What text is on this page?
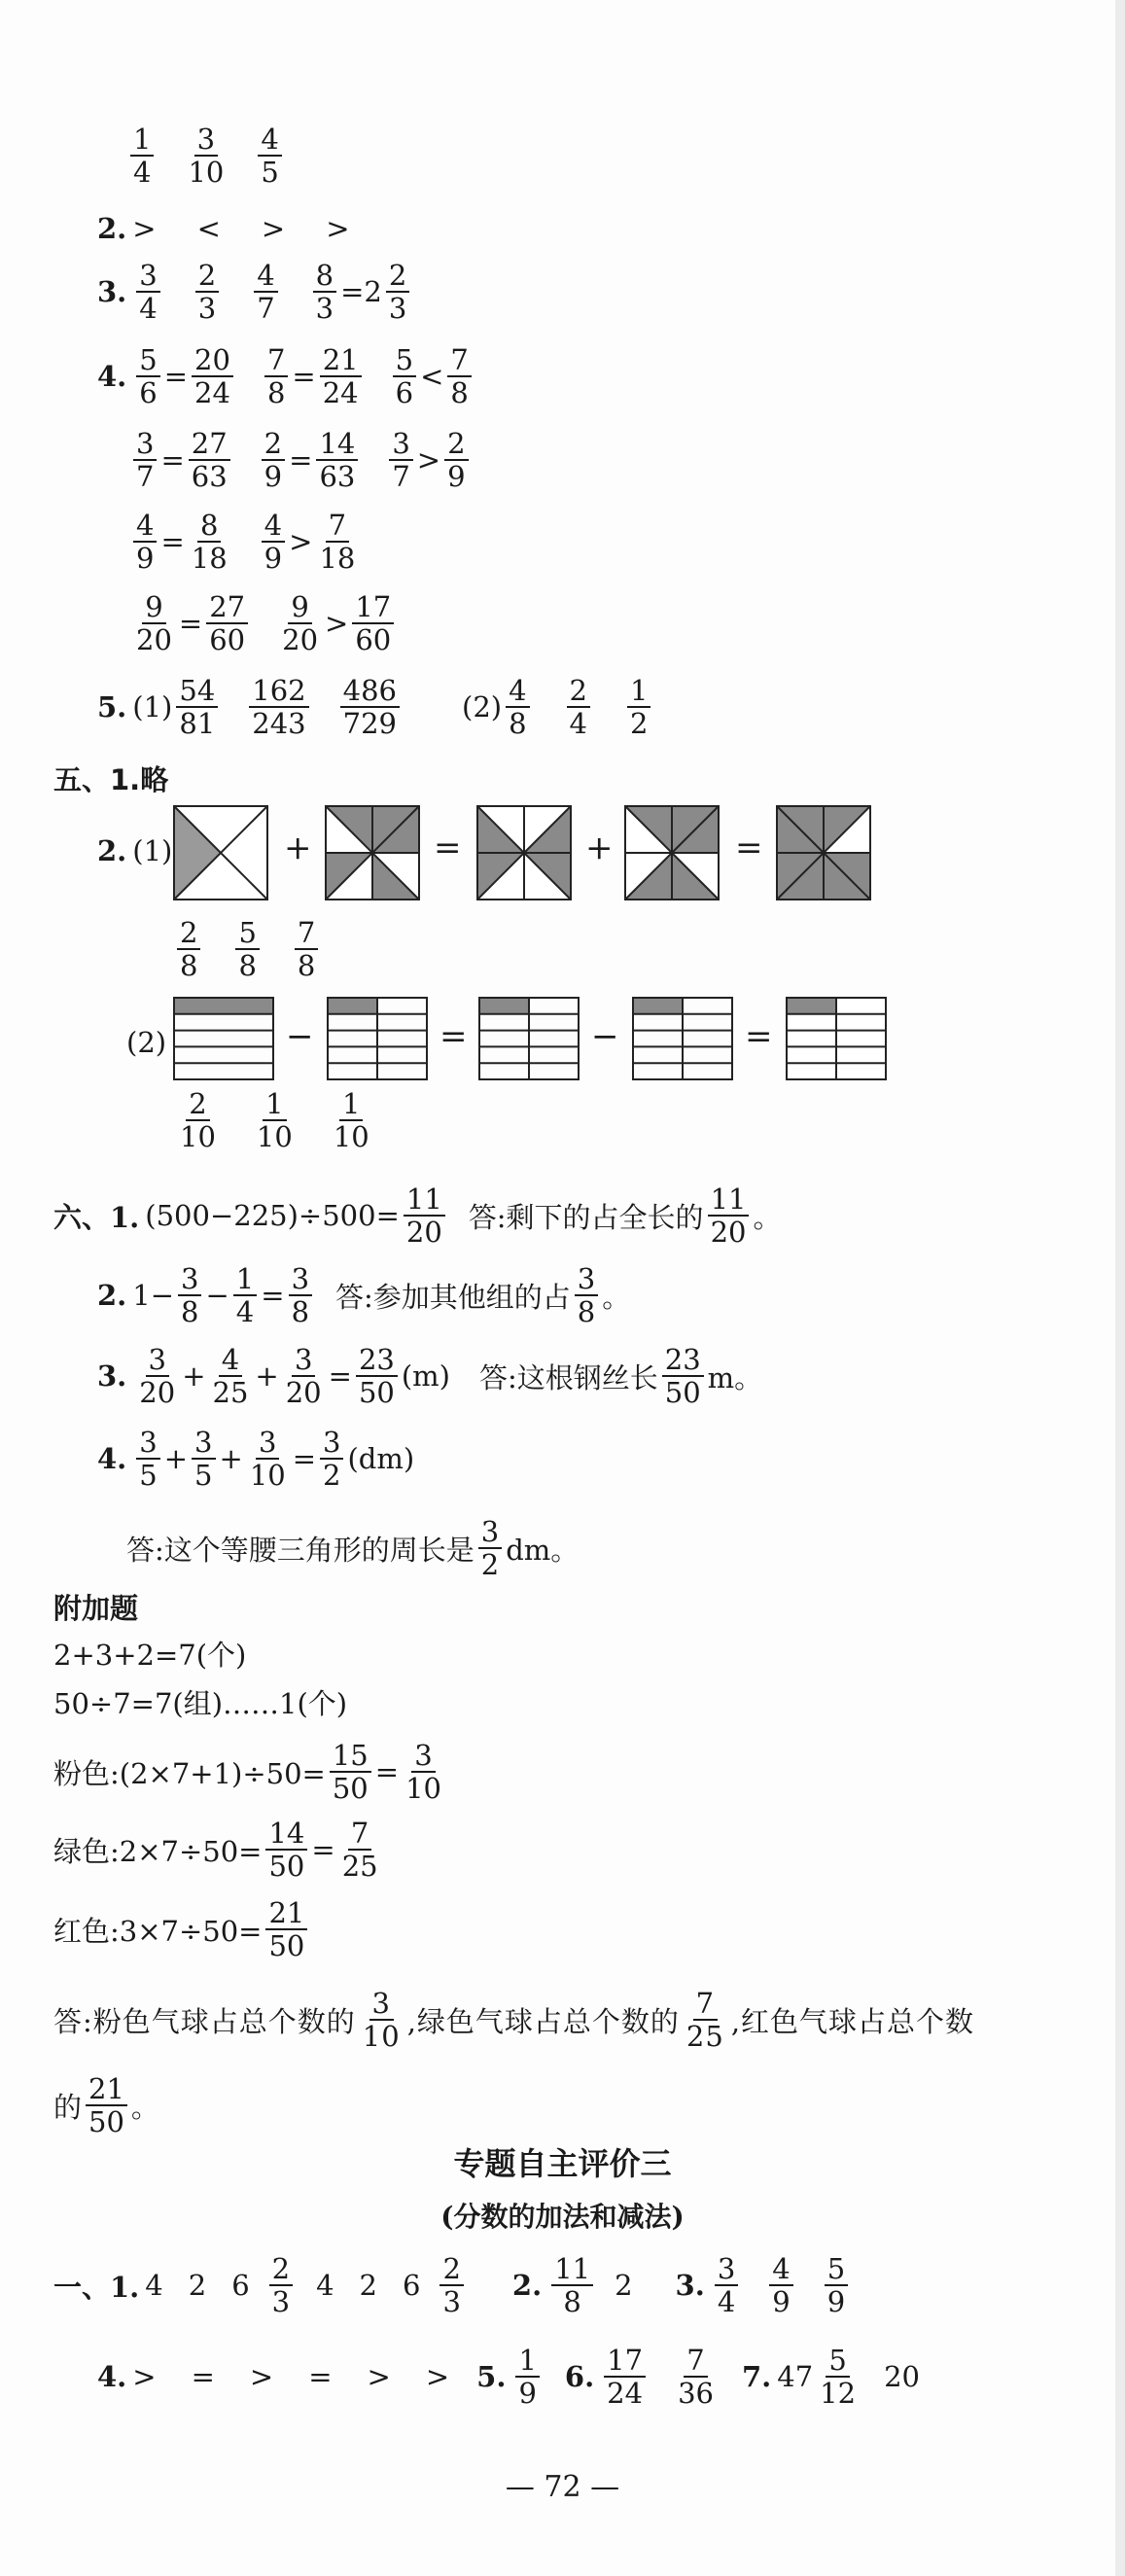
1
4
3
10
4
5
2. > < > >
3.
3
4
2
3
4
$7 \frac{8}{3} =2$
2
3
4. $\frac{5}{6} = \frac{20}{24} \frac{7}{8} = \frac{21}{24} 5$
6 <
7
8
$\frac{3}{7} = \frac{27}{63} \frac{2}{9} = \frac{14}{63} 3$
7 >
2
9
$\frac{4}{9} = \frac{8}{18} 4$
9 >
7
18
$\frac{9}{20} = \frac{27}{60} 9$
20 >
17
60
5. (1)
54
81
162
243
486
729 (2)
4
8
2
4
1
2
五、1. 略
2. (1)	+	=	+	=
2
8
5
8
7
8
(2)	−	=	−	=
2
10
1
10
1
10
六、1. $(500-225)\div 500= \frac{11}{20}$ 答:剩下的占全长的
11
20 。
2. $1- \frac{3}{8} - \frac{1}{4} = \frac{3}{8}$ 答:参加其他组的占
3
8 。
3.
3
$20 + \frac{4}{25} + \frac{3}{20} = \frac{23}{50} (m)$ 答:这根钢丝长
23
50 m。
4.
3
$5 + \frac{3}{5} + \frac{3}{10} = \frac{3}{2} (dm)$
答:这个等腰三角形的周长是
3
2 dm。
附加题
2+3+2=7(个)
50÷7=7(组)……1(个)
粉色:(2×7+1)÷50= $\frac{15}{50} = \frac{3}{10}$
绿色:2×7÷50= $\frac{14}{50} = \frac{7}{25}$
红色:3×7÷50= $\frac{21}{50}$
答:粉色气球占总个数的
3
10 ,绿色气球占总个数的
7
25 ,红色气球占总个数
的
21
50 。
专题自主评价三
(分数的加法和减法)
一、1. 4 2 6
2
3 4 2 6
2
3 2.
11
8 2 3.
3
4
4
9
5
9
4. > = > = > > 5.
1
9 6.
17
24
7
36 7. 47
5
12 20
— 72 —
